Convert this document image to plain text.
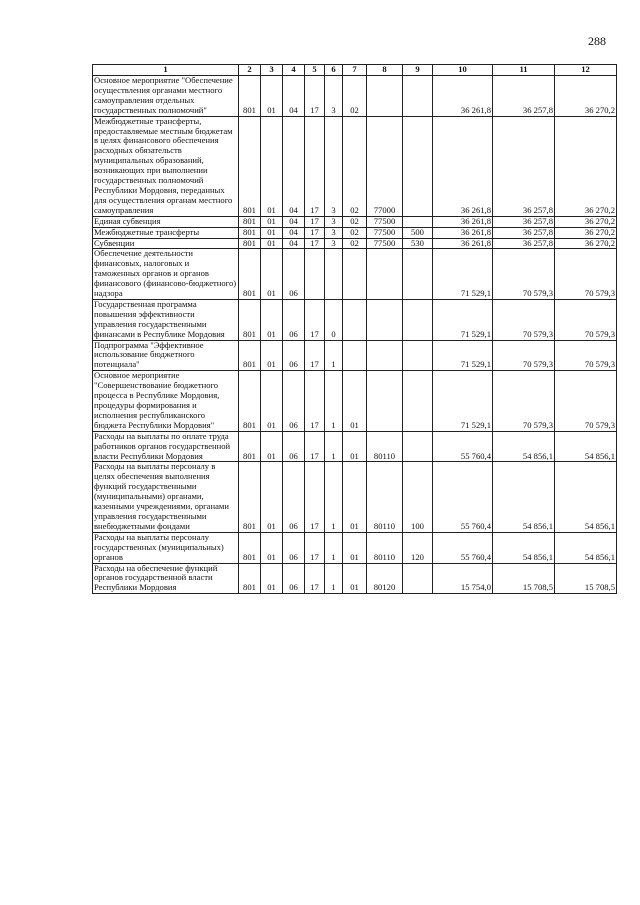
288
1	2	3	4	5	6	7	8	9	10	11	12
Основное мероприятие "Обеспечение осуществления органами местного самоуправления отдельных государственных полномочий"	801	01	04	17	3	02			36 261,8	36 257,8	36 270,2
Межбюджетные трансферты, предоставляемые местным бюджетам в целях финансового обеспечения расходных обязательств муниципальных образований, возникающих при выполнении государственных полномочий Республики Мордовия, переданных для осуществления органам местного самоуправления	801	01	04	17	3	02	77000		36 261,8	36 257,8	36 270,2
Единая субвенция	801	01	04	17	3	02	77500		36 261,8	36 257,8	36 270,2
Межбюджетные трансферты	801	01	04	17	3	02	77500	500	36 261,8	36 257,8	36 270,2
Субвенции	801	01	04	17	3	02	77500	530	36 261,8	36 257,8	36 270,2
Обеспечение деятельности финансовых, налоговых и таможенных органов и органов финансового (финансово-бюджетного) надзора	801	01	06						71 529,1	70 579,3	70 579,3
Государственная программа повышения эффективности управления государственными финансами в Республике Мордовия	801	01	06	17	0				71 529,1	70 579,3	70 579,3
Подпрограмма "Эффективное использование бюджетного потенциала"	801	01	06	17	1				71 529,1	70 579,3	70 579,3
Основное мероприятие "Совершенствование бюджетного процесса в Республике Мордовия, процедуры формирования и исполнения республиканского бюджета Республики Мордовия"	801	01	06	17	1	01			71 529,1	70 579,3	70 579,3
Расходы на выплаты по оплате труда работников органов государственной власти Республики Мордовия	801	01	06	17	1	01	80110		55 760,4	54 856,1	54 856,1
Расходы на выплаты персоналу в целях обеспечения выполнения функций государственными (муниципальными) органами, казенными учреждениями, органами управления государственными внебюджетными фондами	801	01	06	17	1	01	80110	100	55 760,4	54 856,1	54 856,1
Расходы на выплаты персоналу государственных (муниципальных) органов	801	01	06	17	1	01	80110	120	55 760,4	54 856,1	54 856,1
Расходы на обеспечение функций органов государственной власти Республики Мордовия	801	01	06	17	1	01	80120		15 754,0	15 708,5	15 708,5
